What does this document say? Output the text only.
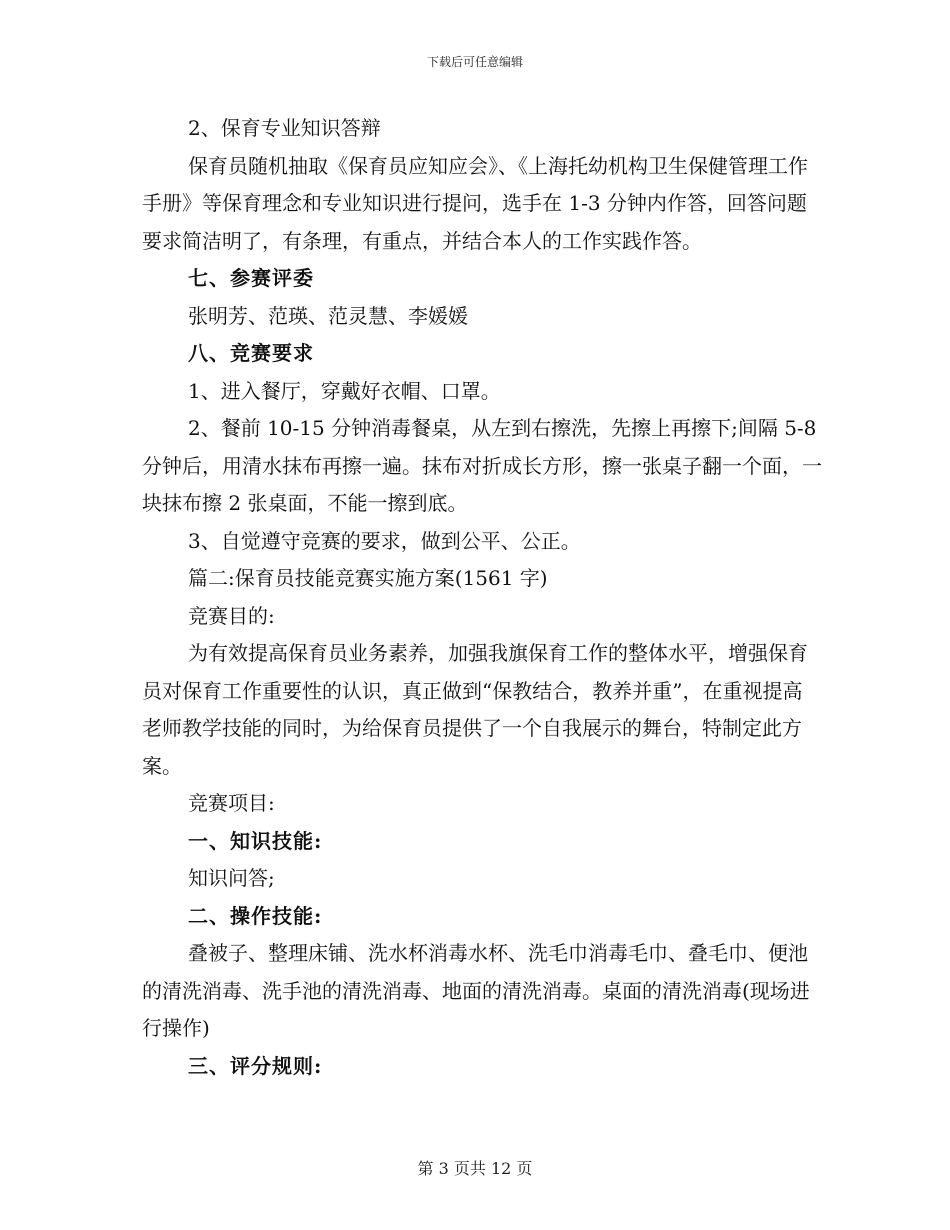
下载后可任意编辑

2、保育专业知识答辩

保育员随机抽取《保育员应知应会》、《上海托幼机构卫生保健管理工作手册》等保育理念和专业知识进行提问，选手在 1-3 分钟内作答，回答问题要求简洁明了，有条理，有重点，并结合本人的工作实践作答。

七、参赛评委

张明芳、范瑛、范灵慧、李媛媛

八、竞赛要求

1、进入餐厅，穿戴好衣帽、口罩。

2、餐前 10-15 分钟消毒餐桌，从左到右擦洗，先擦上再擦下;间隔 5-8 分钟后，用清水抹布再擦一遍。抹布对折成长方形，擦一张桌子翻一个面，一块抹布擦 2 张桌面，不能一擦到底。

3、自觉遵守竞赛的要求，做到公平、公正。

篇二:保育员技能竞赛实施方案(1561 字)

竞赛目的:

为有效提高保育员业务素养，加强我旗保育工作的整体水平，增强保育员对保育工作重要性的认识，真正做到“保教结合，教养并重”，在重视提高老师教学技能的同时，为给保育员提供了一个自我展示的舞台，特制定此方案。

竞赛项目:

一、知识技能:

知识问答;

二、操作技能:

叠被子、整理床铺、洗水杯消毒水杯、洗毛巾消毒毛巾、叠毛巾、便池的清洗消毒、洗手池的清洗消毒、地面的清洗消毒。桌面的清洗消毒(现场进行操作)

三、评分规则:

第 3 页共 12 页
